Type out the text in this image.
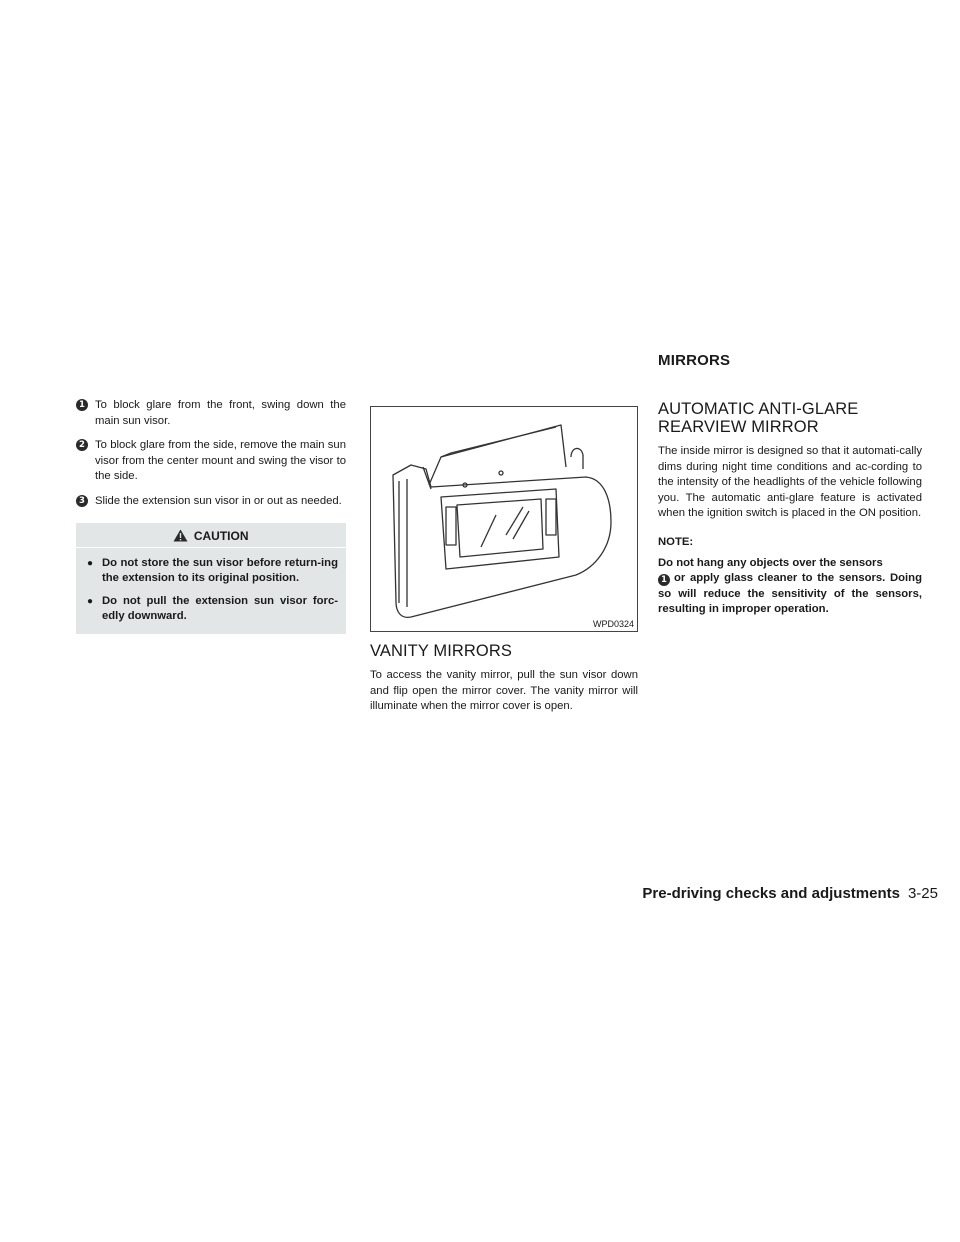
MIRRORS
1 To block glare from the front, swing down the main sun visor.
2 To block glare from the side, remove the main sun visor from the center mount and swing the visor to the side.
3 Slide the extension sun visor in or out as needed.
CAUTION
● Do not store the sun visor before return-ing the extension to its original position.
● Do not pull the extension sun visor forc-edly downward.
WPD0324
VANITY MIRRORS

To access the vanity mirror, pull the sun visor down and flip open the mirror cover. The vanity mirror will illuminate when the mirror cover is open.

AUTOMATIC ANTI-GLARE REARVIEW MIRROR

The inside mirror is designed so that it automati-cally dims during night time conditions and ac-cording to the intensity of the headlights of the vehicle following you. The automatic anti-glare feature is activated when the ignition switch is placed in the ON position.

NOTE:
Do not hang any objects over the sensors
1 or apply glass cleaner to the sensors. Doing so will reduce the sensitivity of the sensors, resulting in improper operation.
Pre-driving checks and adjustments 3-25
